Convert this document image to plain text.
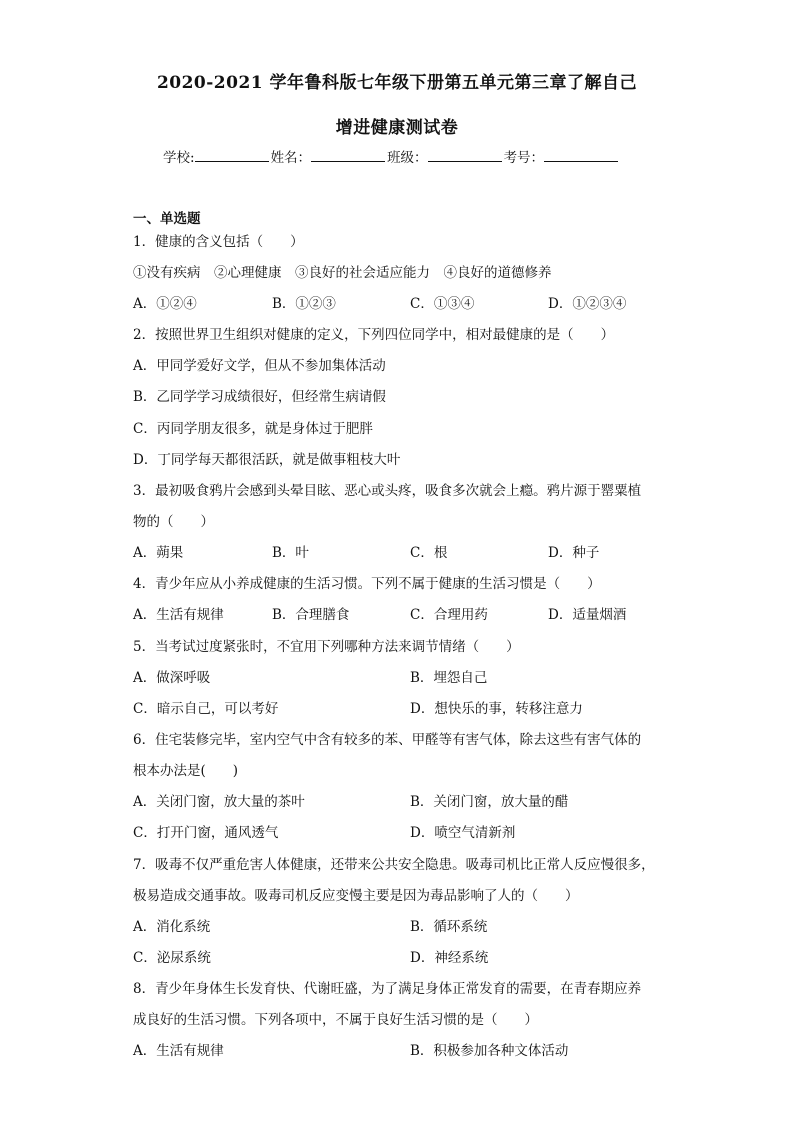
2020-2021 学年鲁科版七年级下册第五单元第三章了解自己
增进健康测试卷
学校:	姓名：	班级：	考号：
一、单选题
1．健康的含义包括（　　）
①没有疾病　②心理健康　③良好的社会适应能力　④良好的道德修养
A．①②④	B．①②③	C．①③④	D．①②③④
2．按照世界卫生组织对健康的定义，下列四位同学中，相对最健康的是（　　）
A．甲同学爱好文学，但从不参加集体活动
B．乙同学学习成绩很好，但经常生病请假
C．丙同学朋友很多，就是身体过于肥胖
D．丁同学每天都很活跃，就是做事粗枝大叶
3．最初吸食鸦片会感到头晕目眩、恶心或头疼，吸食多次就会上瘾。鸦片源于罂粟植
物的（　　）
A．蒴果	B．叶	C．根	D．种子
4．青少年应从小养成健康的生活习惯。下列不属于健康的生活习惯是（　　）
A．生活有规律	B．合理膳食	C．合理用药	D．适量烟酒
5．当考试过度紧张时，不宜用下列哪种方法来调节情绪（　　）
A．做深呼吸	B．埋怨自己
C．暗示自己，可以考好	D．想快乐的事，转移注意力
6．住宅装修完毕，室内空气中含有较多的苯、甲醛等有害气体，除去这些有害气体的
根本办法是(　　)
A．关闭门窗，放大量的茶叶	B．关闭门窗，放大量的醋
C．打开门窗，通风透气	D．喷空气清新剂
7．吸毒不仅严重危害人体健康，还带来公共安全隐患。吸毒司机比正常人反应慢很多，
极易造成交通事故。吸毒司机反应变慢主要是因为毒品影响了人的（　　）
A．消化系统	B．循环系统
C．泌尿系统	D．神经系统
8．青少年身体生长发育快、代谢旺盛，为了满足身体正常发育的需要，在青春期应养
成良好的生活习惯。下列各项中，不属于良好生活习惯的是（　　）
A．生活有规律	B．积极参加各种文体活动
